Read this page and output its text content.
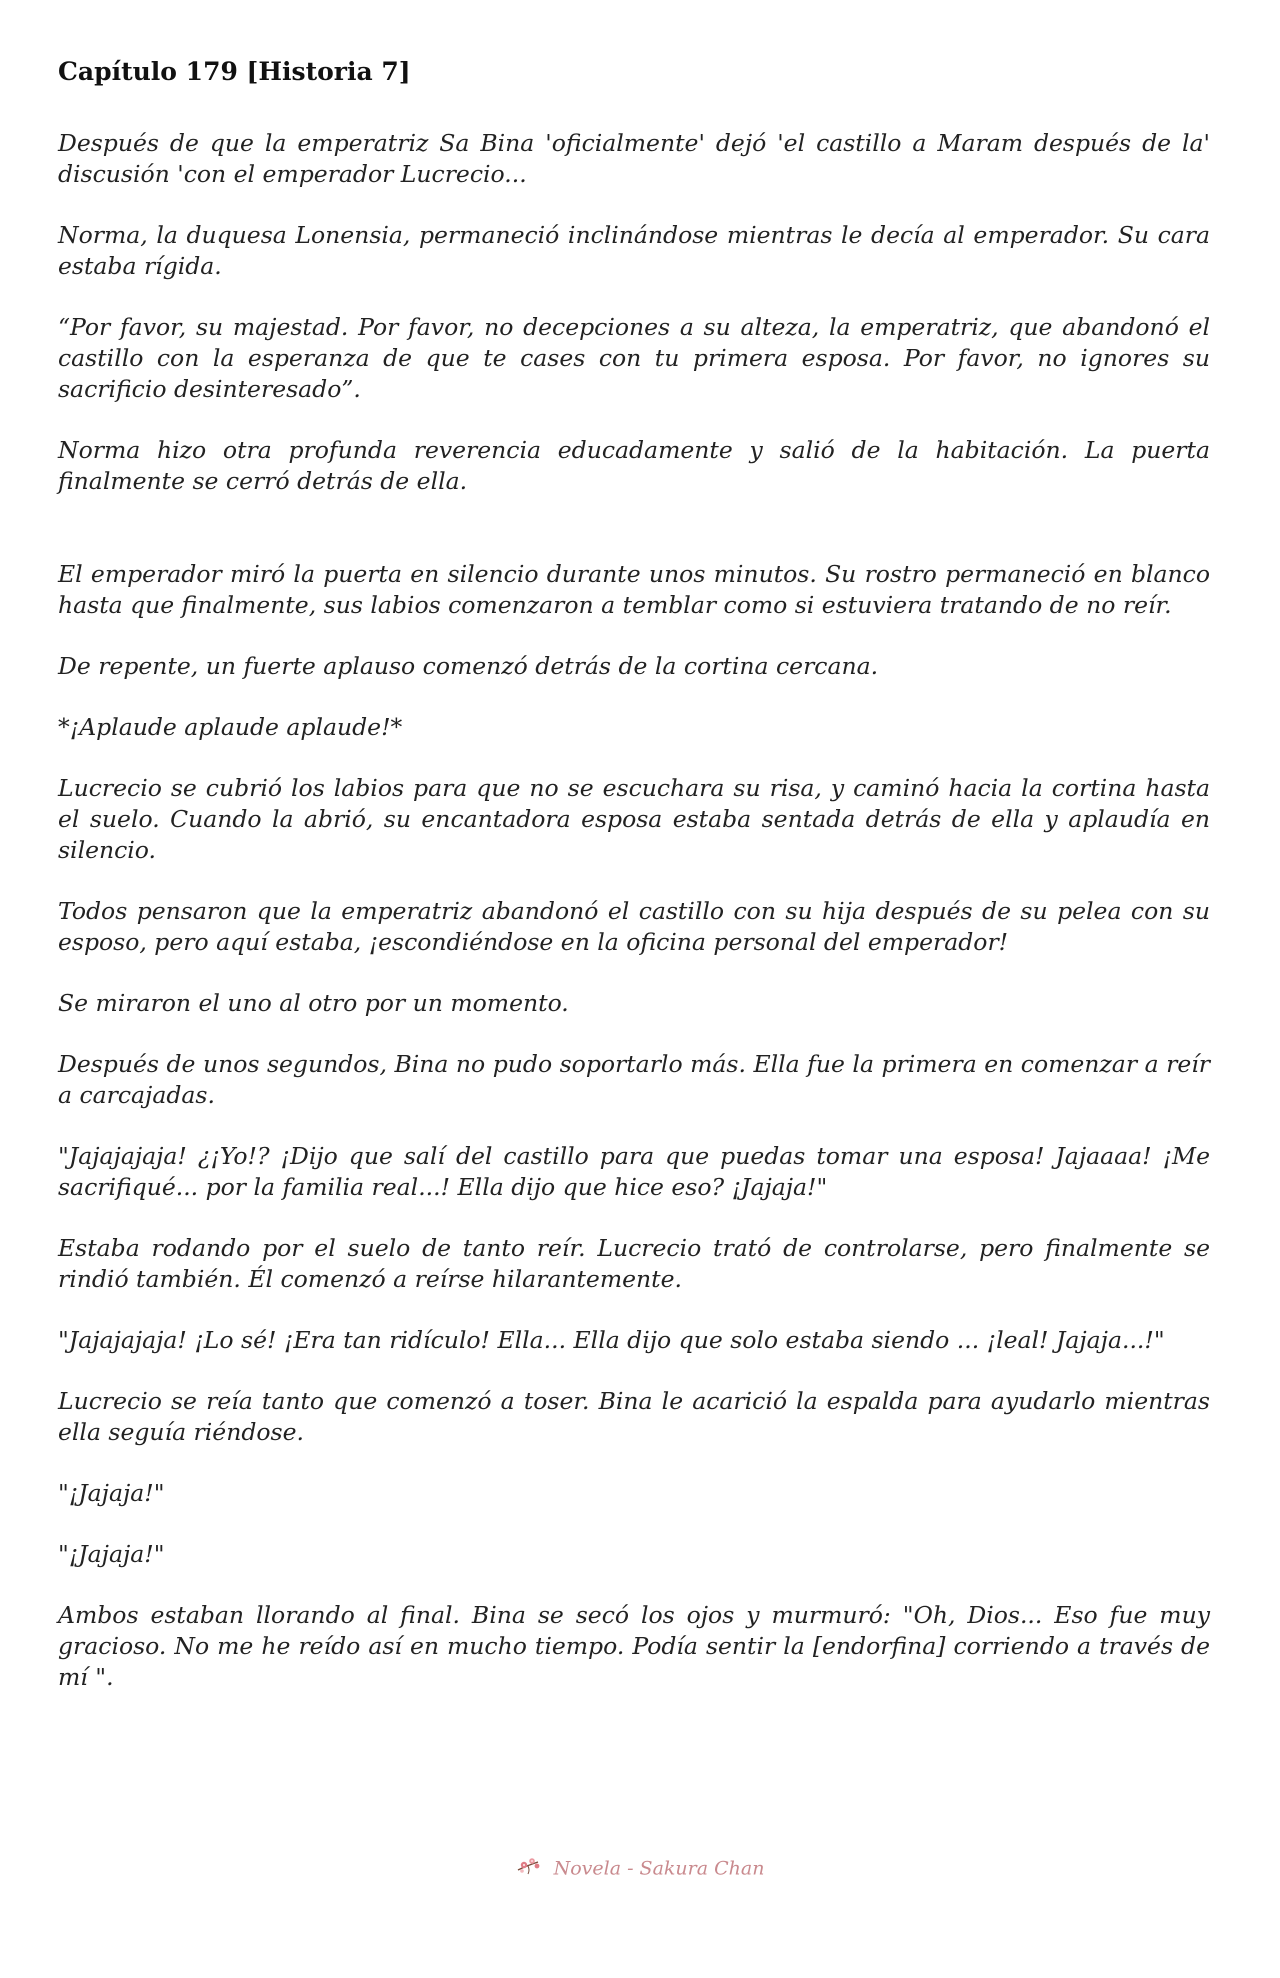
Capítulo 179 [Historia 7]

Después de que la emperatriz Sa Bina 'oficialmente' dejó 'el castillo a Maram después de la' discusión 'con el emperador Lucrecio...

Norma, la duquesa Lonensia, permaneció inclinándose mientras le decía al emperador. Su cara estaba rígida.

“Por favor, su majestad. Por favor, no decepciones a su alteza, la emperatriz, que abandonó el castillo con la esperanza de que te cases con tu primera esposa. Por favor, no ignores su sacrificio desinteresado”.

Norma hizo otra profunda reverencia educadamente y salió de la habitación. La puerta finalmente se cerró detrás de ella.

El emperador miró la puerta en silencio durante unos minutos. Su rostro permaneció en blanco hasta que finalmente, sus labios comenzaron a temblar como si estuviera tratando de no reír.

De repente, un fuerte aplauso comenzó detrás de la cortina cercana.

*¡Aplaude aplaude aplaude!*

Lucrecio se cubrió los labios para que no se escuchara su risa, y caminó hacia la cortina hasta el suelo. Cuando la abrió, su encantadora esposa estaba sentada detrás de ella y aplaudía en silencio.

Todos pensaron que la emperatriz abandonó el castillo con su hija después de su pelea con su esposo, pero aquí estaba, ¡escondiéndose en la oficina personal del emperador!

Se miraron el uno al otro por un momento.

Después de unos segundos, Bina no pudo soportarlo más. Ella fue la primera en comenzar a reír a carcajadas.

"Jajajajaja! ¿¡Yo!? ¡Dijo que salí del castillo para que puedas tomar una esposa! Jajaaaa! ¡Me sacrifiqué... por la familia real...! Ella dijo que hice eso? ¡Jajaja!"

Estaba rodando por el suelo de tanto reír. Lucrecio trató de controlarse, pero finalmente se rindió también. Él comenzó a reírse hilarantemente.

"Jajajajaja! ¡Lo sé! ¡Era tan ridículo! Ella... Ella dijo que solo estaba siendo ... ¡leal! Jajaja...!"

Lucrecio se reía tanto que comenzó a toser. Bina le acarició la espalda para ayudarlo mientras ella seguía riéndose.

"¡Jajaja!"

"¡Jajaja!"

Ambos estaban llorando al final. Bina se secó los ojos y murmuró: "Oh, Dios... Eso fue muy gracioso. No me he reído así en mucho tiempo. Podía sentir la [endorfina] corriendo a través de mí ".

Novela - Sakura Chan
